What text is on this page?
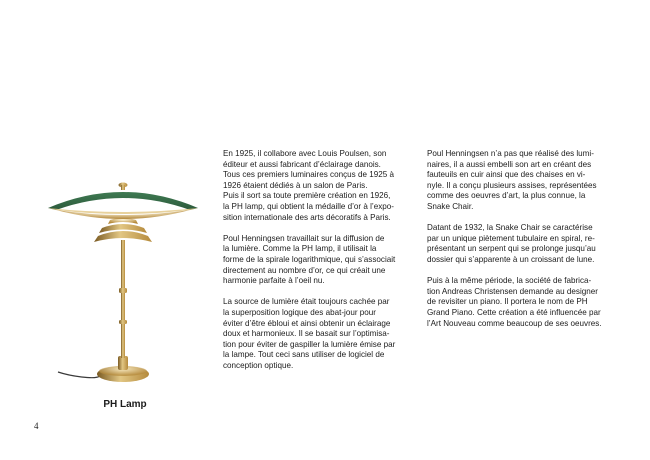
PH Lamp
4

En 1925, il collabore avec Louis Poulsen, son
éditeur et aussi fabricant d’éclairage danois.
Tous ces premiers luminaires conçus de 1925 à
1926 étaient dédiés à un salon de Paris.
Puis il sort sa toute première création en 1926,
la PH lamp, qui obtient la médaille d’or à l’expo-
sition internationale des arts décoratifs à Paris.

Poul Henningsen travaillait sur la diffusion de
la lumière. Comme la PH lamp, il utilisait la
forme de la spirale logarithmique, qui s’associait
directement au nombre d’or, ce qui créait une
harmonie parfaite à l’oeil nu.

La source de lumière était toujours cachée par
la superposition logique des abat-jour pour
éviter d’être ébloui et ainsi obtenir un éclairage
doux et harmonieux. Il se basait sur l’optimisa-
tion pour éviter de gaspiller la lumière émise par
la lampe. Tout ceci sans utiliser de logiciel de
conception optique.

Poul Henningsen n’a pas que réalisé des lumi-
naires, il a aussi embelli son art en créant des
fauteuils en cuir ainsi que des chaises en vi-
nyle. Il a conçu plusieurs assises, représentées
comme des oeuvres d’art, la plus connue, la
Snake Chair.

Datant de 1932, la Snake Chair se caractérise
par un unique piètement tubulaire en spiral, re-
présentant un serpent qui se prolonge jusqu’au
dossier qui s’apparente à un croissant de lune.

Puis à la même période, la société de fabrica-
tion Andreas Christensen demande au designer
de revisiter un piano. Il portera le nom de PH
Grand Piano. Cette création a été influencée par
l’Art Nouveau comme beaucoup de ses oeuvres.
